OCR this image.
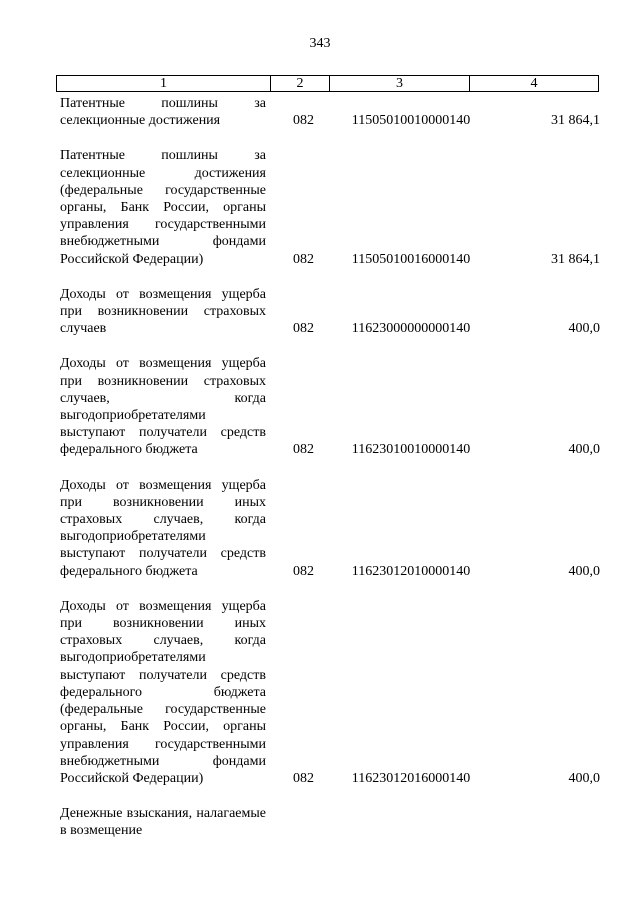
343
1	2	3	4
Патентные пошлины за селекционные достижения	082	11505010010000140	31 864,1
Патентные пошлины за селекционные достижения (федеральные государственные органы, Банк России, органы управления государственными внебюджетными фондами Российской Федерации)	082	11505010016000140	31 864,1
Доходы от возмещения ущерба при возникновении страховых случаев	082	11623000000000140	400,0
Доходы от возмещения ущерба при возникновении страховых случаев, когда выгодоприобретателями выступают получатели средств федерального бюджета	082	11623010010000140	400,0
Доходы от возмещения ущерба при возникновении иных страховых случаев, когда выгодоприобретателями выступают получатели средств федерального бюджета	082	11623012010000140	400,0
Доходы от возмещения ущерба при возникновении иных страховых случаев, когда выгодоприобретателями выступают получатели средств федерального бюджета (федеральные государственные органы, Банк России, органы управления государственными внебюджетными фондами Российской Федерации)	082	11623012016000140	400,0
Денежные взыскания, налагаемые в возмещение
